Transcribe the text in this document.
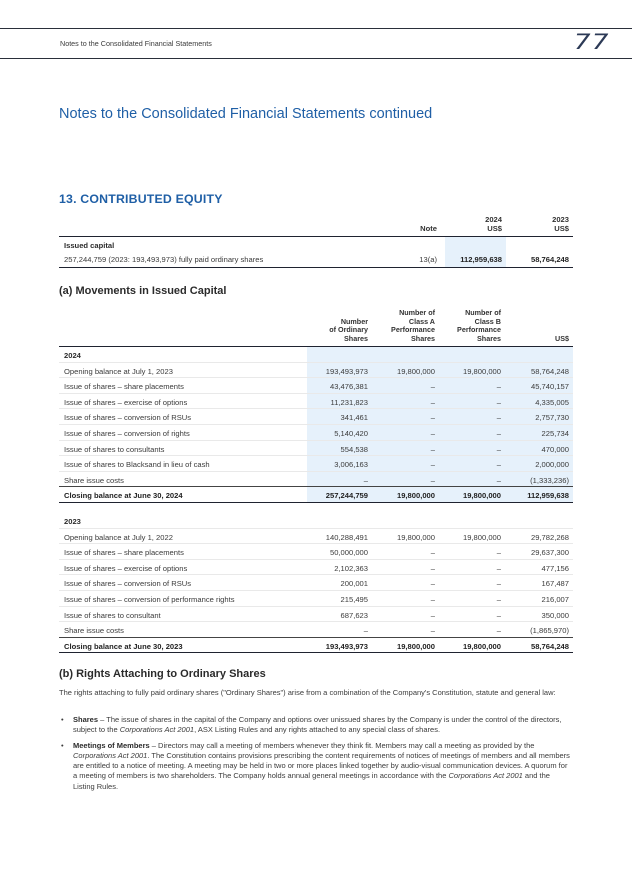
Notes to the Consolidated Financial Statements	77
Notes to the Consolidated Financial Statements continued
13. CONTRIBUTED EQUITY
Note
2024
US$
2023
US$
Issued capital
257,244,759 (2023: 193,493,973) fully paid ordinary shares	13(a)	112,959,638	58,764,248
(a) Movements in Issued Capital
Number
of Ordinary
Shares
Number of
Class A
Performance
Shares
Number of
Class B
Performance
Shares	US$
2024
Opening balance at July 1, 2023	193,493,973	19,800,000	19,800,000	58,764,248
Issue of shares – share placements	43,476,381	–	–	45,740,157
Issue of shares – exercise of options	11,231,823	–	–	4,335,005
Issue of shares – conversion of RSUs	341,461	–	–	2,757,730
Issue of shares – conversion of rights	5,140,420	–	–	225,734
Issue of shares to consultants	554,538	–	–	470,000
Issue of shares to Blacksand in lieu of cash	3,006,163	–	–	2,000,000
Share issue costs	–	–	–	(1,333,236)
Closing balance at June 30, 2024	257,244,759	19,800,000	19,800,000	112,959,638
2023
Opening balance at July 1, 2022	140,288,491	19,800,000	19,800,000	29,782,268
Issue of shares – share placements	50,000,000	–	–	29,637,300
Issue of shares – exercise of options	2,102,363	–	–	477,156
Issue of shares – conversion of RSUs	200,001	–	–	167,487
Issue of shares – conversion of performance rights	215,495	–	–	216,007
Issue of shares to consultant	687,623	–	–	350,000
Share issue costs	–	–	–	(1,865,970)
Closing balance at June 30, 2023	193,493,973	19,800,000	19,800,000	58,764,248
(b) Rights Attaching to Ordinary Shares

The rights attaching to fully paid ordinary shares ("Ordinary Shares") arise from a combination of the Company's Constitution, statute and general law:

• Shares – The issue of shares in the capital of the Company and options over unissued shares by the Company is under the control of the directors, subject to the Corporations Act 2001, ASX Listing Rules and any rights attached to any special class of shares.
• Meetings of Members – Directors may call a meeting of members whenever they think fit. Members may call a meeting as provided by the Corporations Act 2001. The Constitution contains provisions prescribing the content requirements of notices of meetings of members and all members are entitled to a notice of meeting. A meeting may be held in two or more places linked together by audio-visual communication devices. A quorum for a meeting of members is two shareholders. The Company holds annual general meetings in accordance with the Corporations Act 2001 and the Listing Rules.
